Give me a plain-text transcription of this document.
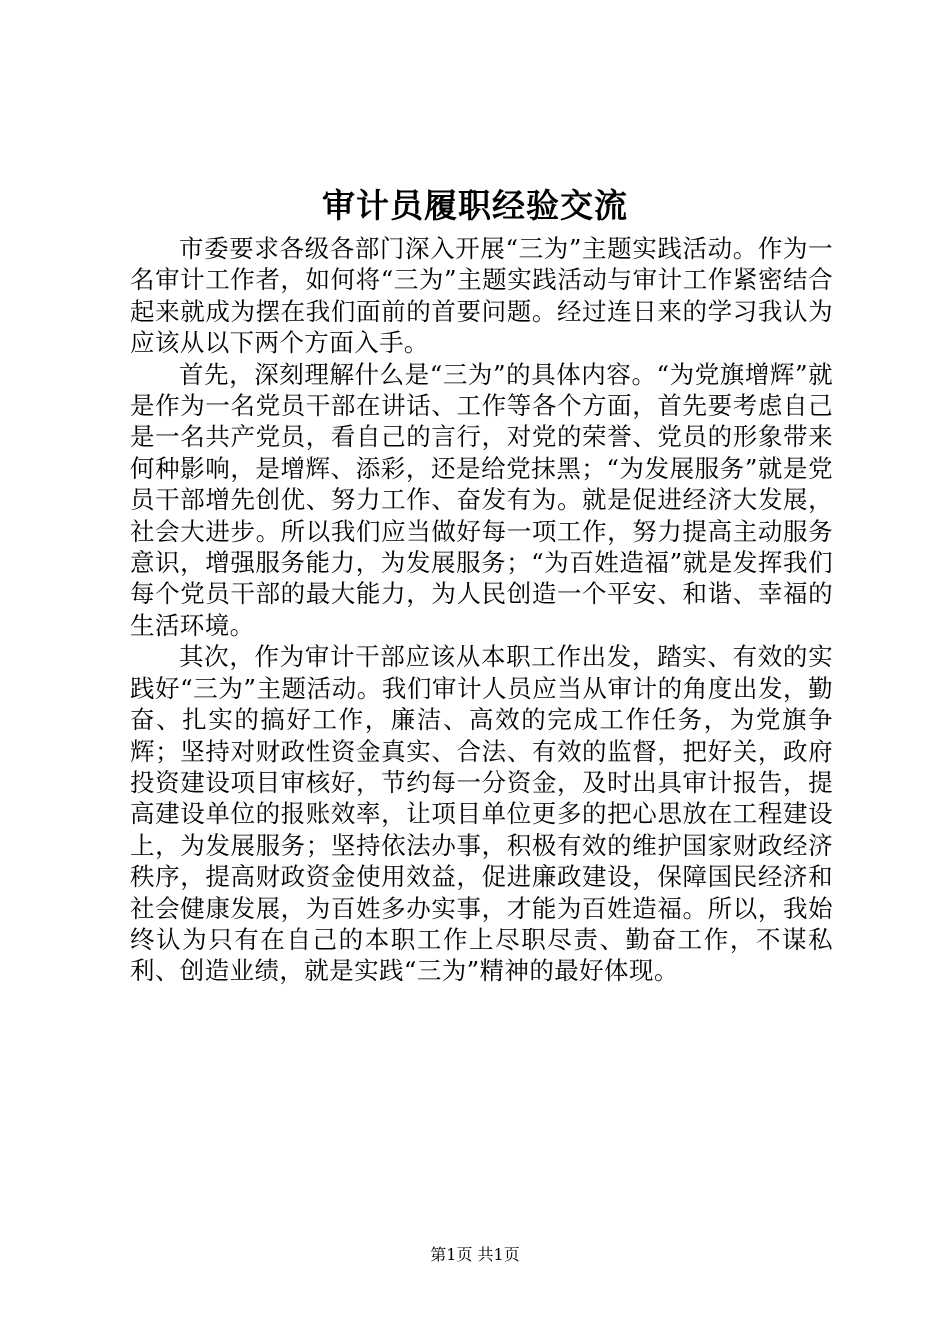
审计员履职经验交流

市委要求各级各部门深入开展“三为”主题实践活动。作为一名审计工作者，如何将“三为”主题实践活动与审计工作紧密结合起来就成为摆在我们面前的首要问题。经过连日来的学习我认为应该从以下两个方面入手。

首先，深刻理解什么是“三为”的具体内容。“为党旗增辉”就是作为一名党员干部在讲话、工作等各个方面，首先要考虑自己是一名共产党员，看自己的言行，对党的荣誉、党员的形象带来何种影响，是增辉、添彩，还是给党抹黑；“为发展服务”就是党员干部增先创优、努力工作、奋发有为。就是促进经济大发展，社会大进步。所以我们应当做好每一项工作，努力提高主动服务意识，增强服务能力，为发展服务；“为百姓造福”就是发挥我们每个党员干部的最大能力，为人民创造一个平安、和谐、幸福的生活环境。

其次，作为审计干部应该从本职工作出发，踏实、有效的实践好“三为”主题活动。我们审计人员应当从审计的角度出发，勤奋、扎实的搞好工作，廉洁、高效的完成工作任务，为党旗争辉；坚持对财政性资金真实、合法、有效的监督，把好关，政府投资建设项目审核好，节约每一分资金，及时出具审计报告，提高建设单位的报账效率，让项目单位更多的把心思放在工程建设上，为发展服务；坚持依法办事，积极有效的维护国家财政经济秩序，提高财政资金使用效益，促进廉政建设，保障国民经济和社会健康发展，为百姓多办实事，才能为百姓造福。所以，我始终认为只有在自己的本职工作上尽职尽责、勤奋工作，不谋私利、创造业绩，就是实践“三为”精神的最好体现。

第1页 共1页
